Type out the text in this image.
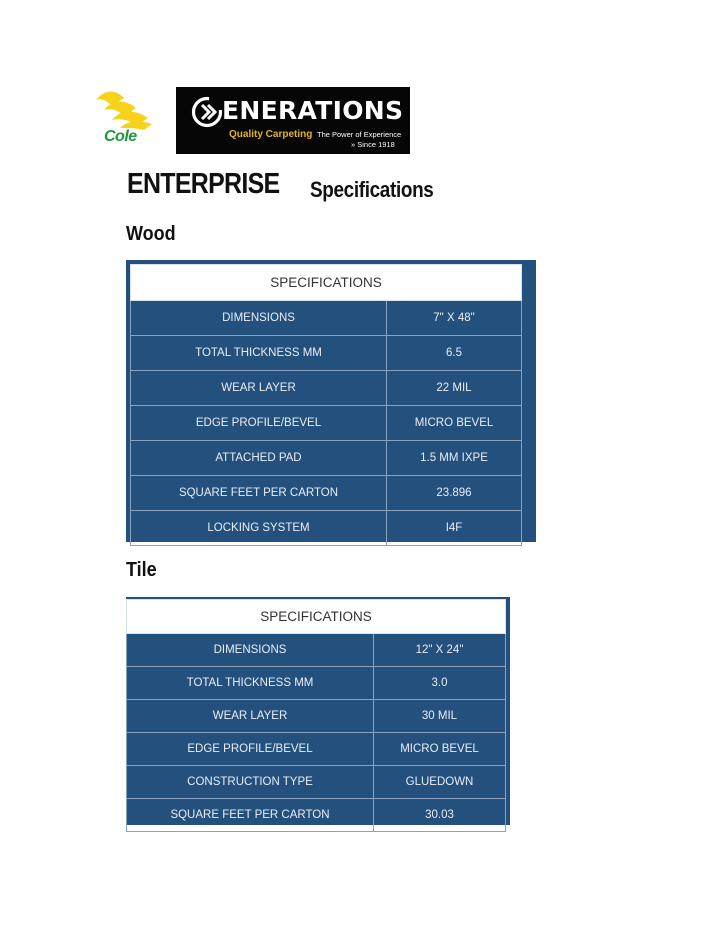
Cole
ENERATIONS
Quality Carpeting The Power of Experience
» Since 1918
ENTERPRISE Specifications
Wood
SPECIFICATIONS	
DIMENSIONS	7" X 48"
TOTAL THICKNESS MM	6.5
WEAR LAYER	22 MIL
EDGE PROFILE/BEVEL	MICRO BEVEL
ATTACHED PAD	1.5 MM IXPE
SQUARE FEET PER CARTON	23.896
LOCKING SYSTEM	I4F
Tile
SPECIFICATIONS	
DIMENSIONS	12" X 24"
TOTAL THICKNESS MM	3.0
WEAR LAYER	30 MIL
EDGE PROFILE/BEVEL	MICRO BEVEL
CONSTRUCTION TYPE	GLUEDOWN
SQUARE FEET PER CARTON	30.03
